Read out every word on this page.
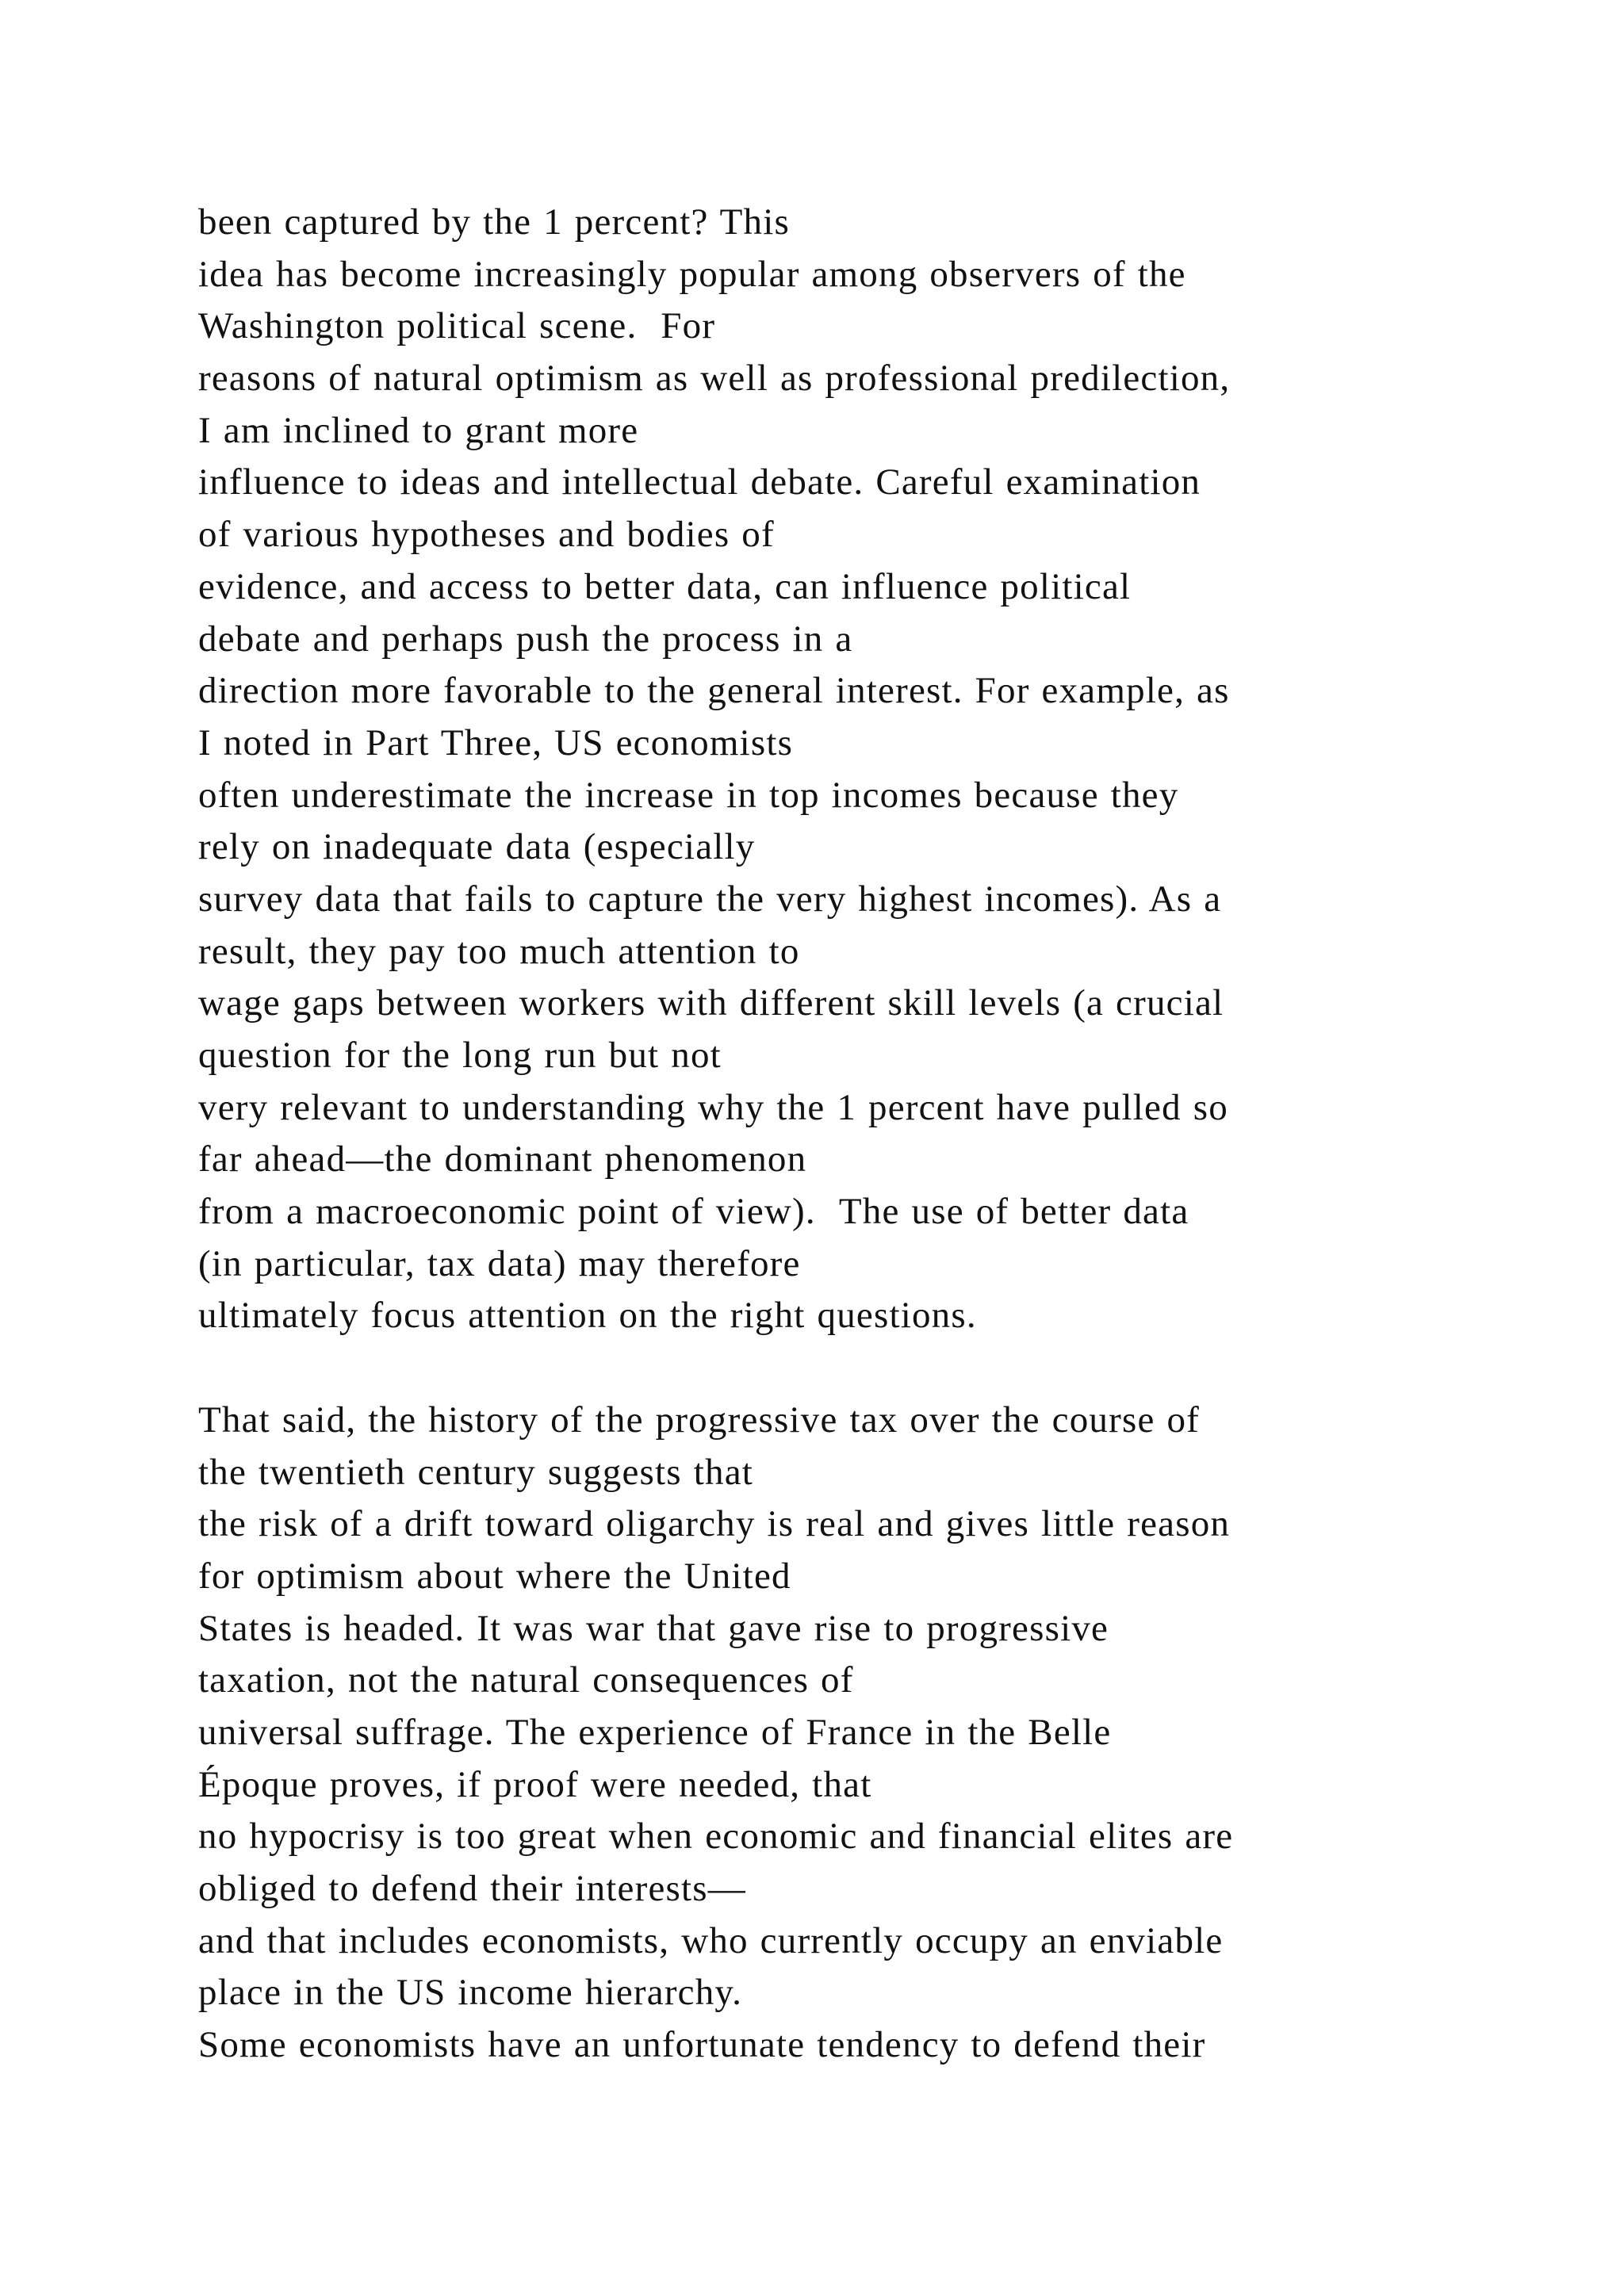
been captured by the 1 percent? This
idea has become increasingly popular among observers of the
Washington political scene.  For
reasons of natural optimism as well as professional predilection,
I am inclined to grant more
influence to ideas and intellectual debate. Careful examination
of various hypotheses and bodies of
evidence, and access to better data, can influence political
debate and perhaps push the process in a
direction more favorable to the general interest. For example, as
I noted in Part Three, US economists
often underestimate the increase in top incomes because they
rely on inadequate data (especially
survey data that fails to capture the very highest incomes). As a
result, they pay too much attention to
wage gaps between workers with different skill levels (a crucial
question for the long run but not
very relevant to understanding why the 1 percent have pulled so
far ahead—the dominant phenomenon
from a macroeconomic point of view).  The use of better data
(in particular, tax data) may therefore
ultimately focus attention on the right questions.
That said, the history of the progressive tax over the course of
the twentieth century suggests that
the risk of a drift toward oligarchy is real and gives little reason
for optimism about where the United
States is headed. It was war that gave rise to progressive
taxation, not the natural consequences of
universal suffrage. The experience of France in the Belle
Époque proves, if proof were needed, that
no hypocrisy is too great when economic and financial elites are
obliged to defend their interests—
and that includes economists, who currently occupy an enviable
place in the US income hierarchy.
Some economists have an unfortunate tendency to defend their
